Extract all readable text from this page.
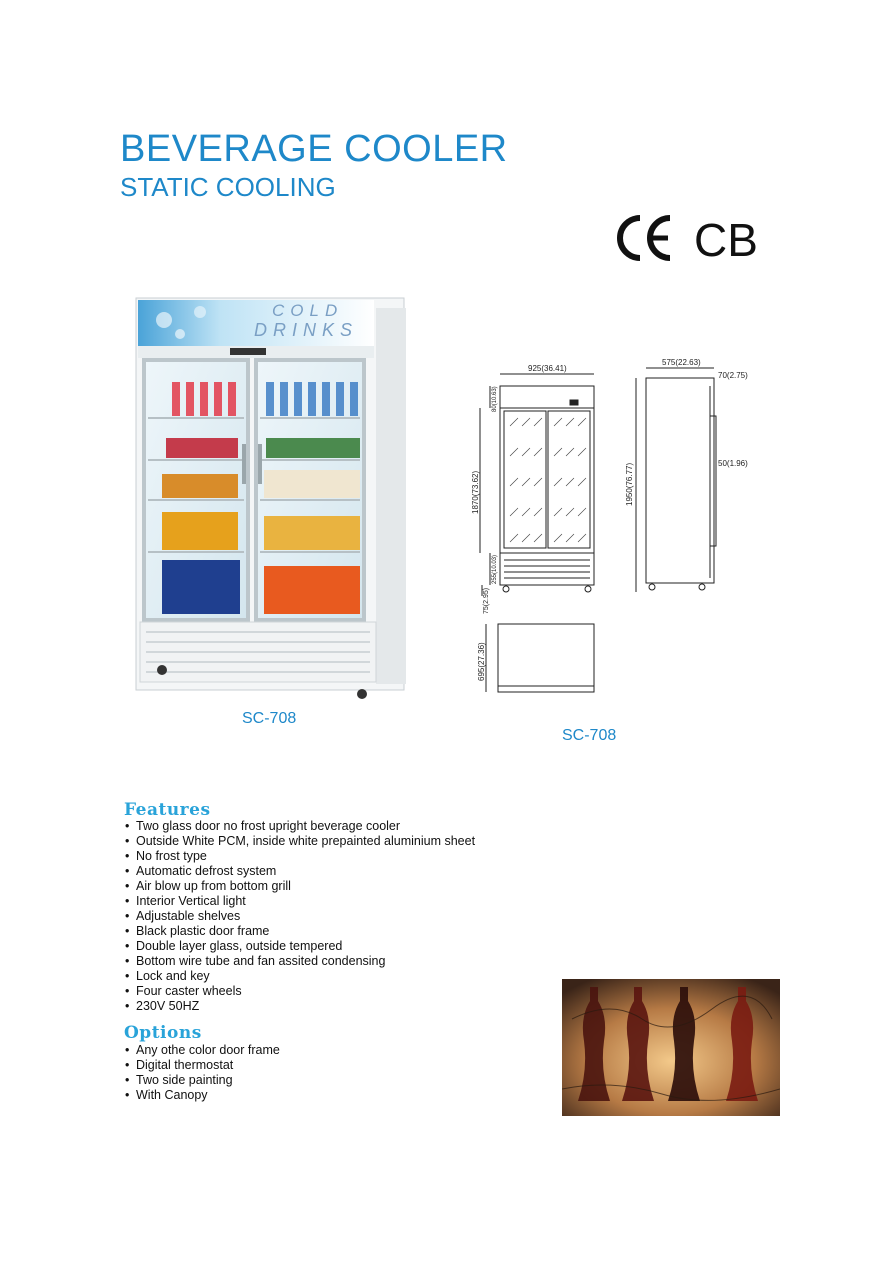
BEVERAGE COOLER
STATIC COOLING
CB
COLD
DRINKS
SC-708
925(36.41)
575(22.63)
70(2.75)
50(1.96)
80(10.63)
1870(73.62)
255(10.03)
75(2.95)
1950(76.77)
695(27.36)
SC-708
Features
• Two glass door no frost upright beverage cooler
• Outside White PCM, inside white prepainted aluminium sheet
• No frost type
• Automatic defrost system
• Air blow up from bottom grill
• Interior Vertical light
• Adjustable shelves
• Black plastic door frame
• Double layer glass, outside tempered
• Bottom wire tube and fan assited condensing
• Lock and key
• Four caster wheels
• 230V 50HZ
Options
• Any othe color door frame
• Digital thermostat
• Two side painting
• With Canopy
